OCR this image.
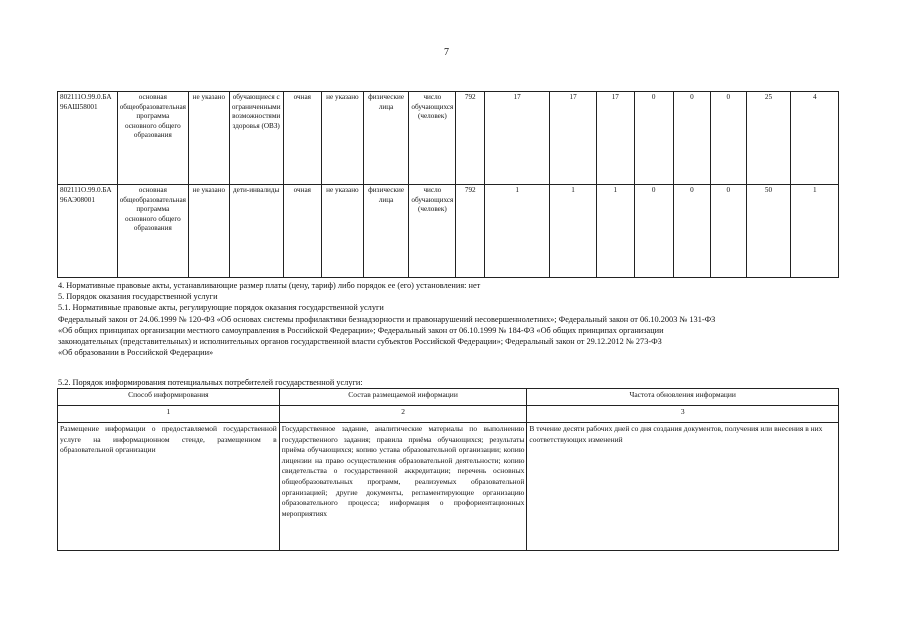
7
802111О.99.0.БА 96АШ58001	основная общеобразовательная программа основного общего образования	не указано	обучающиеся с ограниченными возможностями здоровья (ОВЗ)	очная	не указано	физические лица	число обучающихся (человек)	792	17	17	17	0	0	0	25	4
802111О.99.0.БА 96АЭ08001	основная общеобразовательная программа основного общего образования	не указано	дети-инвалиды	очная	не указано	физические лица	число обучающихся (человек)	792	1	1	1	0	0	0	50	1
4. Нормативные правовые акты, устанавливающие размер платы (цену, тариф) либо порядок ее (его) установления: нет
5. Порядок оказания государственной услуги
5.1. Нормативные правовые акты, регулирующие порядок оказания государственной услуги
Федеральный закон от 24.06.1999 № 120-ФЗ «Об основах системы профилактики безнадзорности и правонарушений несовершеннолетних»; Федеральный закон от 06.10.2003 № 131-ФЗ
«Об общих принципах организации местного самоуправления в Российской Федерации»; Федеральный закон от 06.10.1999 № 184-ФЗ «Об общих принципах организации
законодательных (представительных) и исполнительных органов государственной власти субъектов Российской Федерации»; Федеральный закон от 29.12.2012 № 273-ФЗ
«Об образовании в Российской Федерации»
5.2. Порядок информирования потенциальных потребителей государственной услуги:
Способ информирования	Состав размещаемой информации	Частота обновления информации
1	2	3
Размещение информации о предоставляемой государственной услуге на информационном стенде, размещенном в образовательной организации	Государственное задание, аналитические материалы по выполнению государственного задания; правила приёма обучающихся; результаты приёма обучающихся; копию устава образовательной организации; копию лицензии на право осуществления образовательной деятельности; копию свидетельства о государственной аккредитации; перечень основных общеобразовательных программ, реализуемых образовательной организацией; другие документы, регламентирующие организацию образовательного процесса; информация о профориентационных мероприятиях	В течение десяти рабочих дней со дня создания документов, получения или внесения в них соответствующих изменений
